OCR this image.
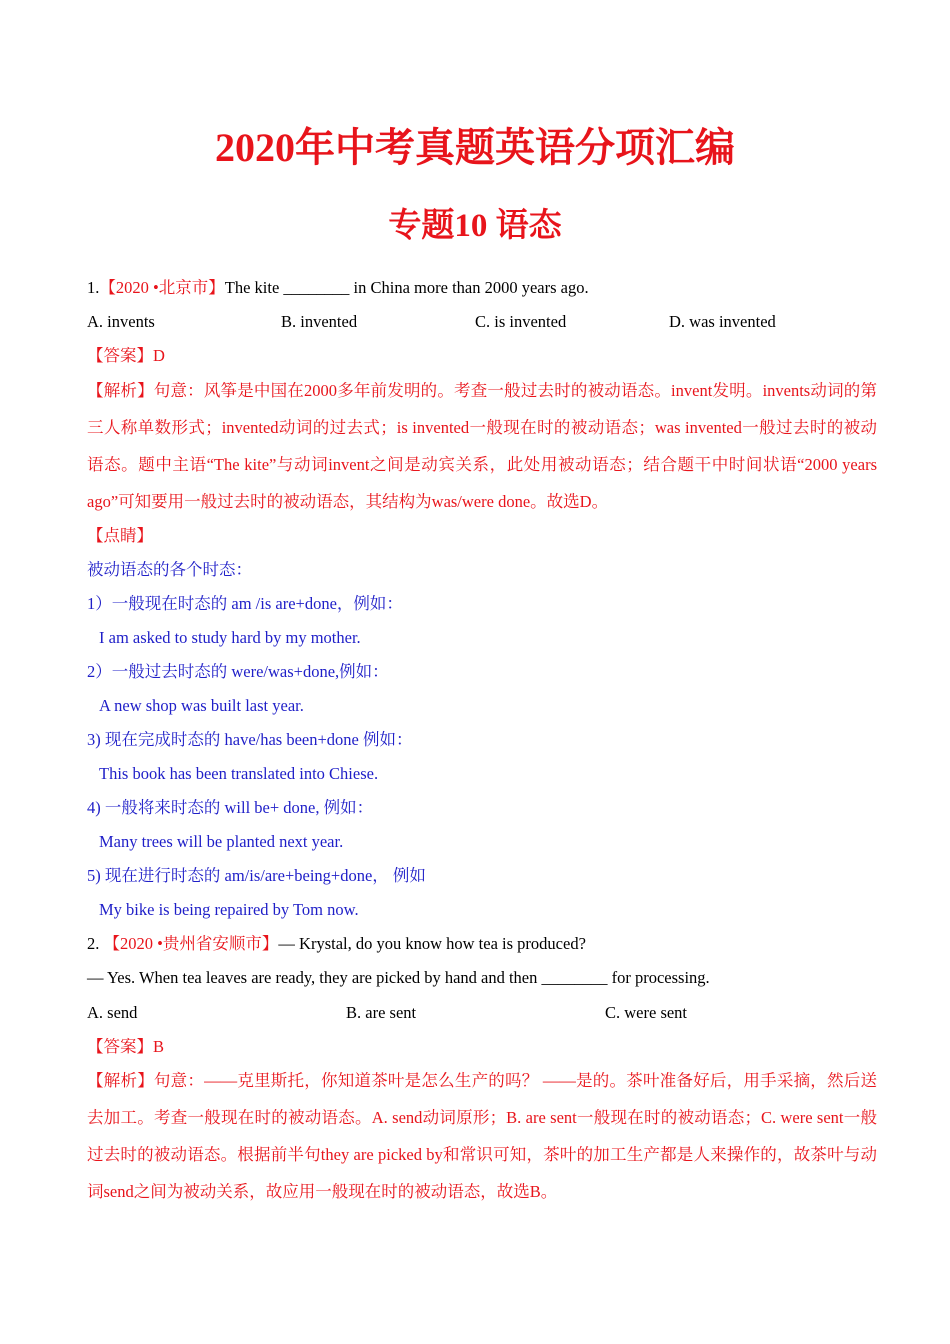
2020年中考真题英语分项汇编
专题10 语态
1.【2020 •北京市】The kite ________ in China more than 2000 years ago.
A. invents	B. invented	C. is invented	D. was invented
【答案】D
【解析】句意：风筝是中国在2000多年前发明的。考查一般过去时的被动语态。invent发明。invents动词的第三人称单数形式；invented动词的过去式；is invented一般现在时的被动语态；was invented一般过去时的被动语态。题中主语“The kite”与动词invent之间是动宾关系，此处用被动语态；结合题干中时间状语“2000 years ago”可知要用一般过去时的被动语态，其结构为was/were done。故选D。
【点睛】
被动语态的各个时态：
1）一般现在时态的 am /is are+done，例如：
I am asked to study hard by my mother.
2）一般过去时态的 were/was+done,例如：
A new shop was built last year.
3) 现在完成时态的 have/has been+done 例如：
This book has been translated into Chiese.
4) 一般将来时态的 will be+ done, 例如：
Many trees will be planted next year.
5) 现在进行时态的 am/is/are+being+done， 例如
My bike is being repaired by Tom now.
2. 【2020 •贵州省安顺市】— Krystal, do you know how tea is produced?
— Yes. When tea leaves are ready, they are picked by hand and then ________ for processing.
A. send	B. are sent	C. were sent
【答案】B
【解析】句意：——克里斯托，你知道茶叶是怎么生产的吗？ ——是的。茶叶准备好后，用手采摘，然后送去加工。考查一般现在时的被动语态。A. send动词原形；B. are sent一般现在时的被动语态；C. were sent一般过去时的被动语态。根据前半句they are picked by和常识可知，茶叶的加工生产都是人来操作的，故茶叶与动词send之间为被动关系，故应用一般现在时的被动语态，故选B。
